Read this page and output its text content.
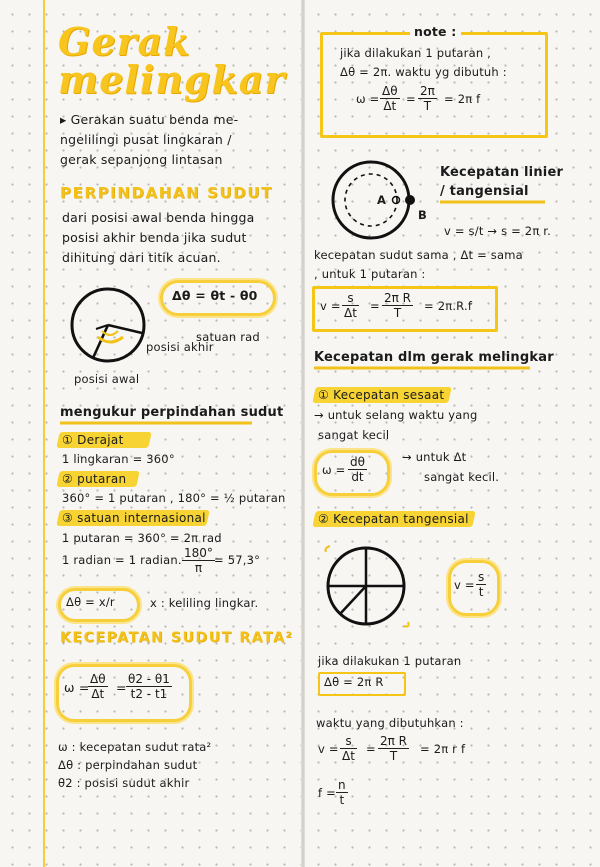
Gerak
melingkar
▸ Gerakan suatu benda me-
ngelilingi pusat lingkaran /
gerak sepanjong lintasan
PERPINDAHAN SUDUT
dari posisi awal benda hingga
posisi akhir benda jika sudut
dihitung dari titik acuan.
Δθ = θt - θ0
posisi akhir
satuan rad
posisi awal
mengukur perpindahan sudut
① Derajat
1 lingkaran = 360°
② putaran
360° = 1 putaran , 180° = ½ putaran
③ satuan internasional
1 putaran = 360° = 2π rad
1 radian = 1 radian. $\frac{180^\circ}{\pi} = 57,3^\circ$
Δθ = x/r	x : keliling lingkar.
KECEPATAN SUDUT RATA²
ω =
$\frac{\Delta\theta}{\Delta t} = \frac{\theta 2 - \theta 1}{t2 - t1}$
ω : kecepatan sudut rata²
Δθ : perpindahan sudut
θ2 : posisi sudut akhir
note :
jika dilakukan 1 putaran ,
Δθ = 2π. waktu yg dibutuh :
$\omega = \frac{\Delta\theta}{\Delta t} = \frac{2\pi}{T} = 2\pi$ f
A
B
Kecepatan linier
/ tangensial
v = s/t → s = 2π r.
kecepatan sudut sama , Δt = sama
, untuk 1 putaran :
$v = \frac{s}{\Delta t} = \frac{\text{2π R}}{T} = 2\pi.R.f$
Kecepatan dlm gerak melingkar
① Kecepatan sesaat
→ untuk selang waktu yang
sangat kecil
$\omega = \frac{d\theta}{dt}$	→ untuk Δt
sangat kecil.
② Kecepatan tangensial
$v = \frac{s}{t}$
jika dilakukan 1 putaran
Δθ = 2π R
waktu yang dibutuhkan :
$v = \frac{s}{\Delta t} = \frac{\text{2π R}}{T} = 2\pi$ r f
$f = \frac{n}{t}$
